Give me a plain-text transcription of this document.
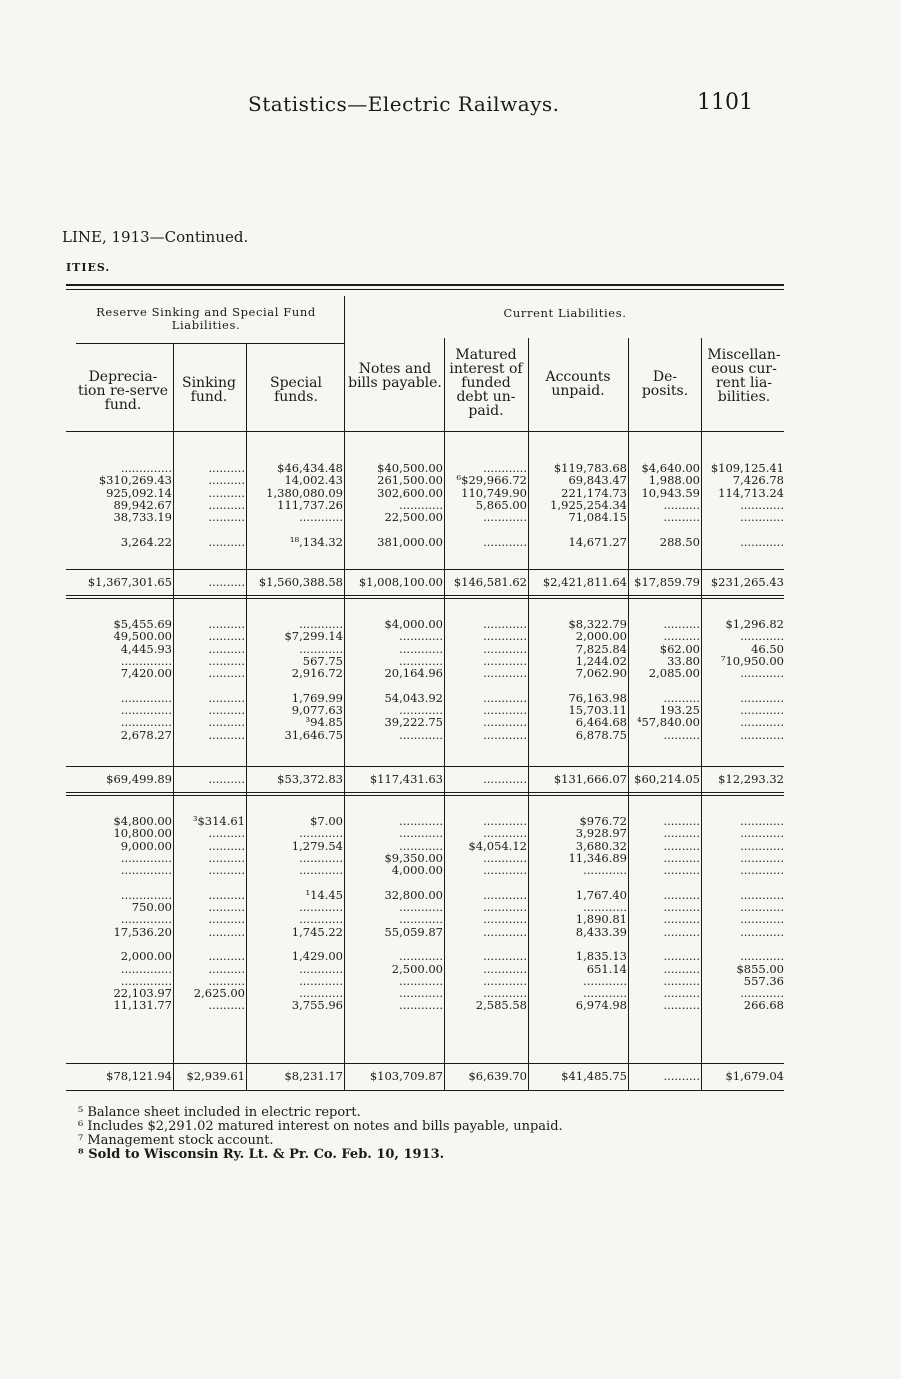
Statistics—Electric Railways.	1101
LINE, 1913—Continued.
ITIES.
Reserve Sinking and Special Fund Liabilities.
Current Liabilities.
Deprecia-tion re-serve fund.
Sinking fund.
Special funds.
Notes and bills payable.
Matured interest of funded debt un-paid.
Accounts unpaid.
De-posits.
Miscellan-eous cur-rent lia-bilities.
..............
$310,269.43
925,092.14
89,942.67
38,733.19
3,264.22
$1,367,301.65
..........
..........
..........
..........
..........
..........
..........
$46,434.48
14,002.43
1,380,080.09
111,737.26
............
¹⁸,134.32
$1,560,388.58
$40,500.00
261,500.00
302,600.00
............
22,500.00
381,000.00
$1,008,100.00
............
⁶$29,966.72
110,749.90
5,865.00
............
............
$146,581.62
$119,783.68
69,843.47
221,174.73
1,925,254.34
71,084.15
14,671.27
$2,421,811.64
$4,640.00
1,988.00
10,943.59
..........
..........
288.50
$17,859.79
$109,125.41
7,426.78
114,713.24
............
............
............
$231,265.43
$5,455.69
49,500.00
4,445.93
..............
7,420.00
..............
..............
..............
2,678.27
$69,499.89
..........
..........
..........
..........
..........
..........
..........
..........
..........
..........
............
$7,299.14
............
567.75
2,916.72
1,769.99
9,077.63
³94.85
31,646.75
$53,372.83
$4,000.00
............
............
............
20,164.96
54,043.92
............
39,222.75
............
$117,431.63
............
............
............
............
............
............
............
............
............
............
$8,322.79
2,000.00
7,825.84
1,244.02
7,062.90
76,163.98
15,703.11
6,464.68
6,878.75
$131,666.07
..........
..........
$62.00
33.80
2,085.00
..........
193.25
⁴57,840.00
..........
$60,214.05
$1,296.82
............
46.50
⁷10,950.00
............
............
............
............
............
$12,293.32
$4,800.00
10,800.00
9,000.00
..............
..............
..............
750.00
..............
17,536.20
2,000.00
..............
..............
22,103.97
11,131.77
$78,121.94
³$314.61
..........
..........
..........
..........
..........
..........
..........
..........
..........
..........
..........
2,625.00
..........
$2,939.61
$7.00
............
1,279.54
............
............
¹14.45
............
............
1,745.22
1,429.00
............
............
............
3,755.96
$8,231.17
............
............
............
$9,350.00
4,000.00
32,800.00
............
............
55,059.87
............
2,500.00
............
............
............
$103,709.87
............
............
$4,054.12
............
............
............
............
............
............
............
............
............
............
2,585.58
$6,639.70
$976.72
3,928.97
3,680.32
11,346.89
............
1,767.40
............
1,890.81
8,433.39
1,835.13
651.14
............
............
6,974.98
$41,485.75
..........
..........
..........
..........
..........
..........
..........
..........
..........
..........
..........
..........
..........
..........
..........
............
............
............
............
............
............
............
............
............
............
$855.00
557.36
............
266.68
$1,679.04
⁵ Balance sheet included in electric report.
⁶ Includes $2,291.02 matured interest on notes and bills payable, unpaid.
⁷ Management stock account.
⁸ Sold to Wisconsin Ry. Lt. & Pr. Co. Feb. 10, 1913.
